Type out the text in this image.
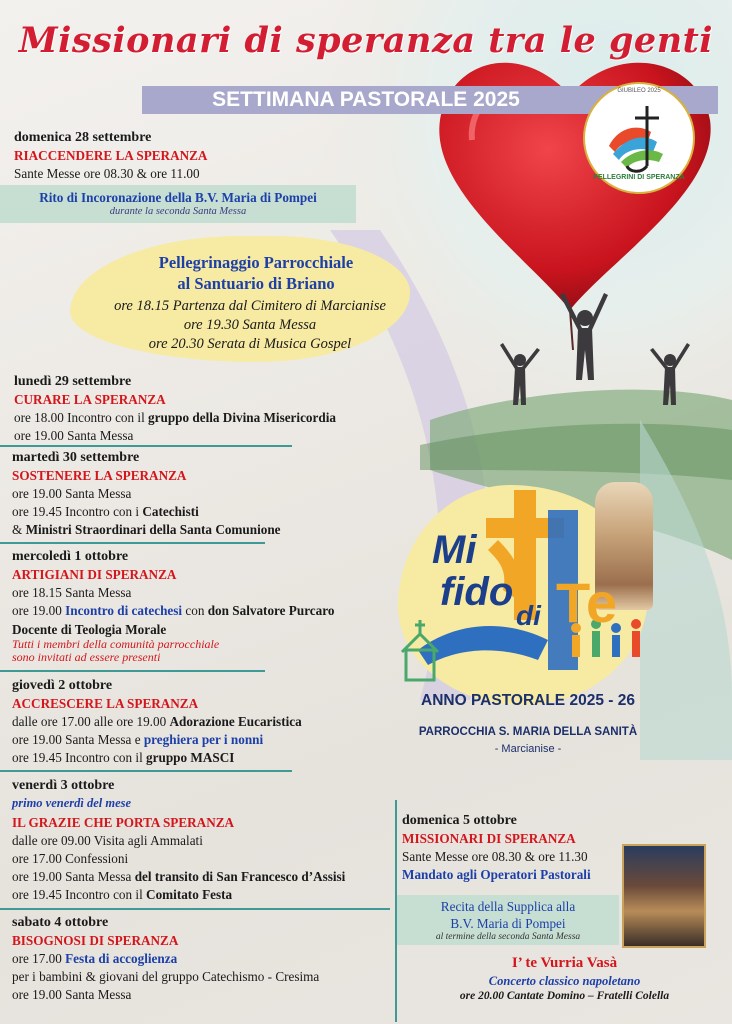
Missionari di speranza tra le genti
SETTIMANA PASTORALE 2025	GIUBILEO 2025
PELLEGRINI DI SPERANZA
domenica 28 settembre
RIACCENDERE LA SPERANZA
Sante Messe ore 08.30 & ore 11.00
Rito di Incoronazione della B.V. Maria di Pompei
durante la seconda Santa Messa
Pellegrinaggio Parrocchiale
al Santuario di Briano
ore 18.15 Partenza dal Cimitero di Marcianise
ore 19.30 Santa Messa
ore 20.30 Serata di Musica Gospel
lunedì 29 settembre
CURARE LA SPERANZA
ore 18.00 Incontro con il gruppo della Divina Misericordia
ore 19.00 Santa Messa
martedì 30 settembre
SOSTENERE LA SPERANZA
ore 19.00 Santa Messa
ore 19.45 Incontro con i Catechisti
& Ministri Straordinari della Santa Comunione
mercoledì 1 ottobre
ARTIGIANI DI SPERANZA
ore 18.15 Santa Messa
ore 19.00 Incontro di catechesi con don Salvatore Purcaro
Docente di Teologia Morale
Tutti i membri della comunità parrocchiale
sono invitati ad essere presenti
giovedì 2 ottobre
ACCRESCERE LA SPERANZA
dalle ore 17.00 alle ore 19.00 Adorazione Eucaristica
ore 19.00 Santa Messa e preghiera per i nonni
ore 19.45 Incontro con il gruppo MASCI
venerdì 3 ottobre
primo venerdì del mese
IL GRAZIE CHE PORTA SPERANZA
dalle ore 09.00 Visita agli Ammalati
ore 17.00 Confessioni
ore 19.00 Santa Messa del transito di San Francesco d’Assisi
ore 19.45 Incontro con il Comitato Festa
sabato 4 ottobre
BISOGNOSI DI SPERANZA
ore 17.00 Festa di accoglienza
per i bambini & giovani del gruppo Catechismo - Cresima
ore 19.00 Santa Messa
Mi
fido
di Te
ANNO PASTORALE 2025 - 26
PARROCCHIA S. MARIA DELLA SANITÀ
- Marcianise -
domenica 5 ottobre
MISSIONARI DI SPERANZA
Sante Messe ore 08.30 & ore 11.30
Mandato agli Operatori Pastorali
Recita della Supplica alla
B.V. Maria di Pompei
al termine della seconda Santa Messa
I’ te Vurria Vasà
Concerto classico napoletano
ore 20.00 Cantate Domino – Fratelli Colella
